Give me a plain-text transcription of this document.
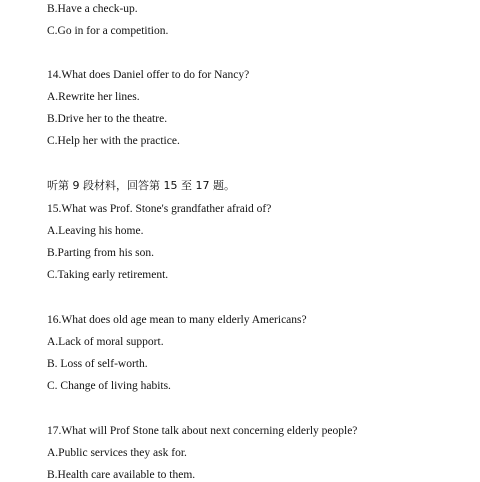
B.Have a check-up.
C.Go in for a competition.
14.What does Daniel offer to do for Nancy?
A.Rewrite her lines.
B.Drive her to the theatre.
C.Help her with the practice.
听第 9 段材料，回答第 15 至 17 题。
15.What was Prof. Stone's grandfather afraid of?
A.Leaving his home.
B.Parting from his son.
C.Taking early retirement.
16.What does old age mean to many elderly Americans?
A.Lack of moral support.
B. Loss of self-worth.
C. Change of living habits.
17.What will Prof Stone talk about next concerning elderly people?
A.Public services they ask for.
B.Health care available to them.
